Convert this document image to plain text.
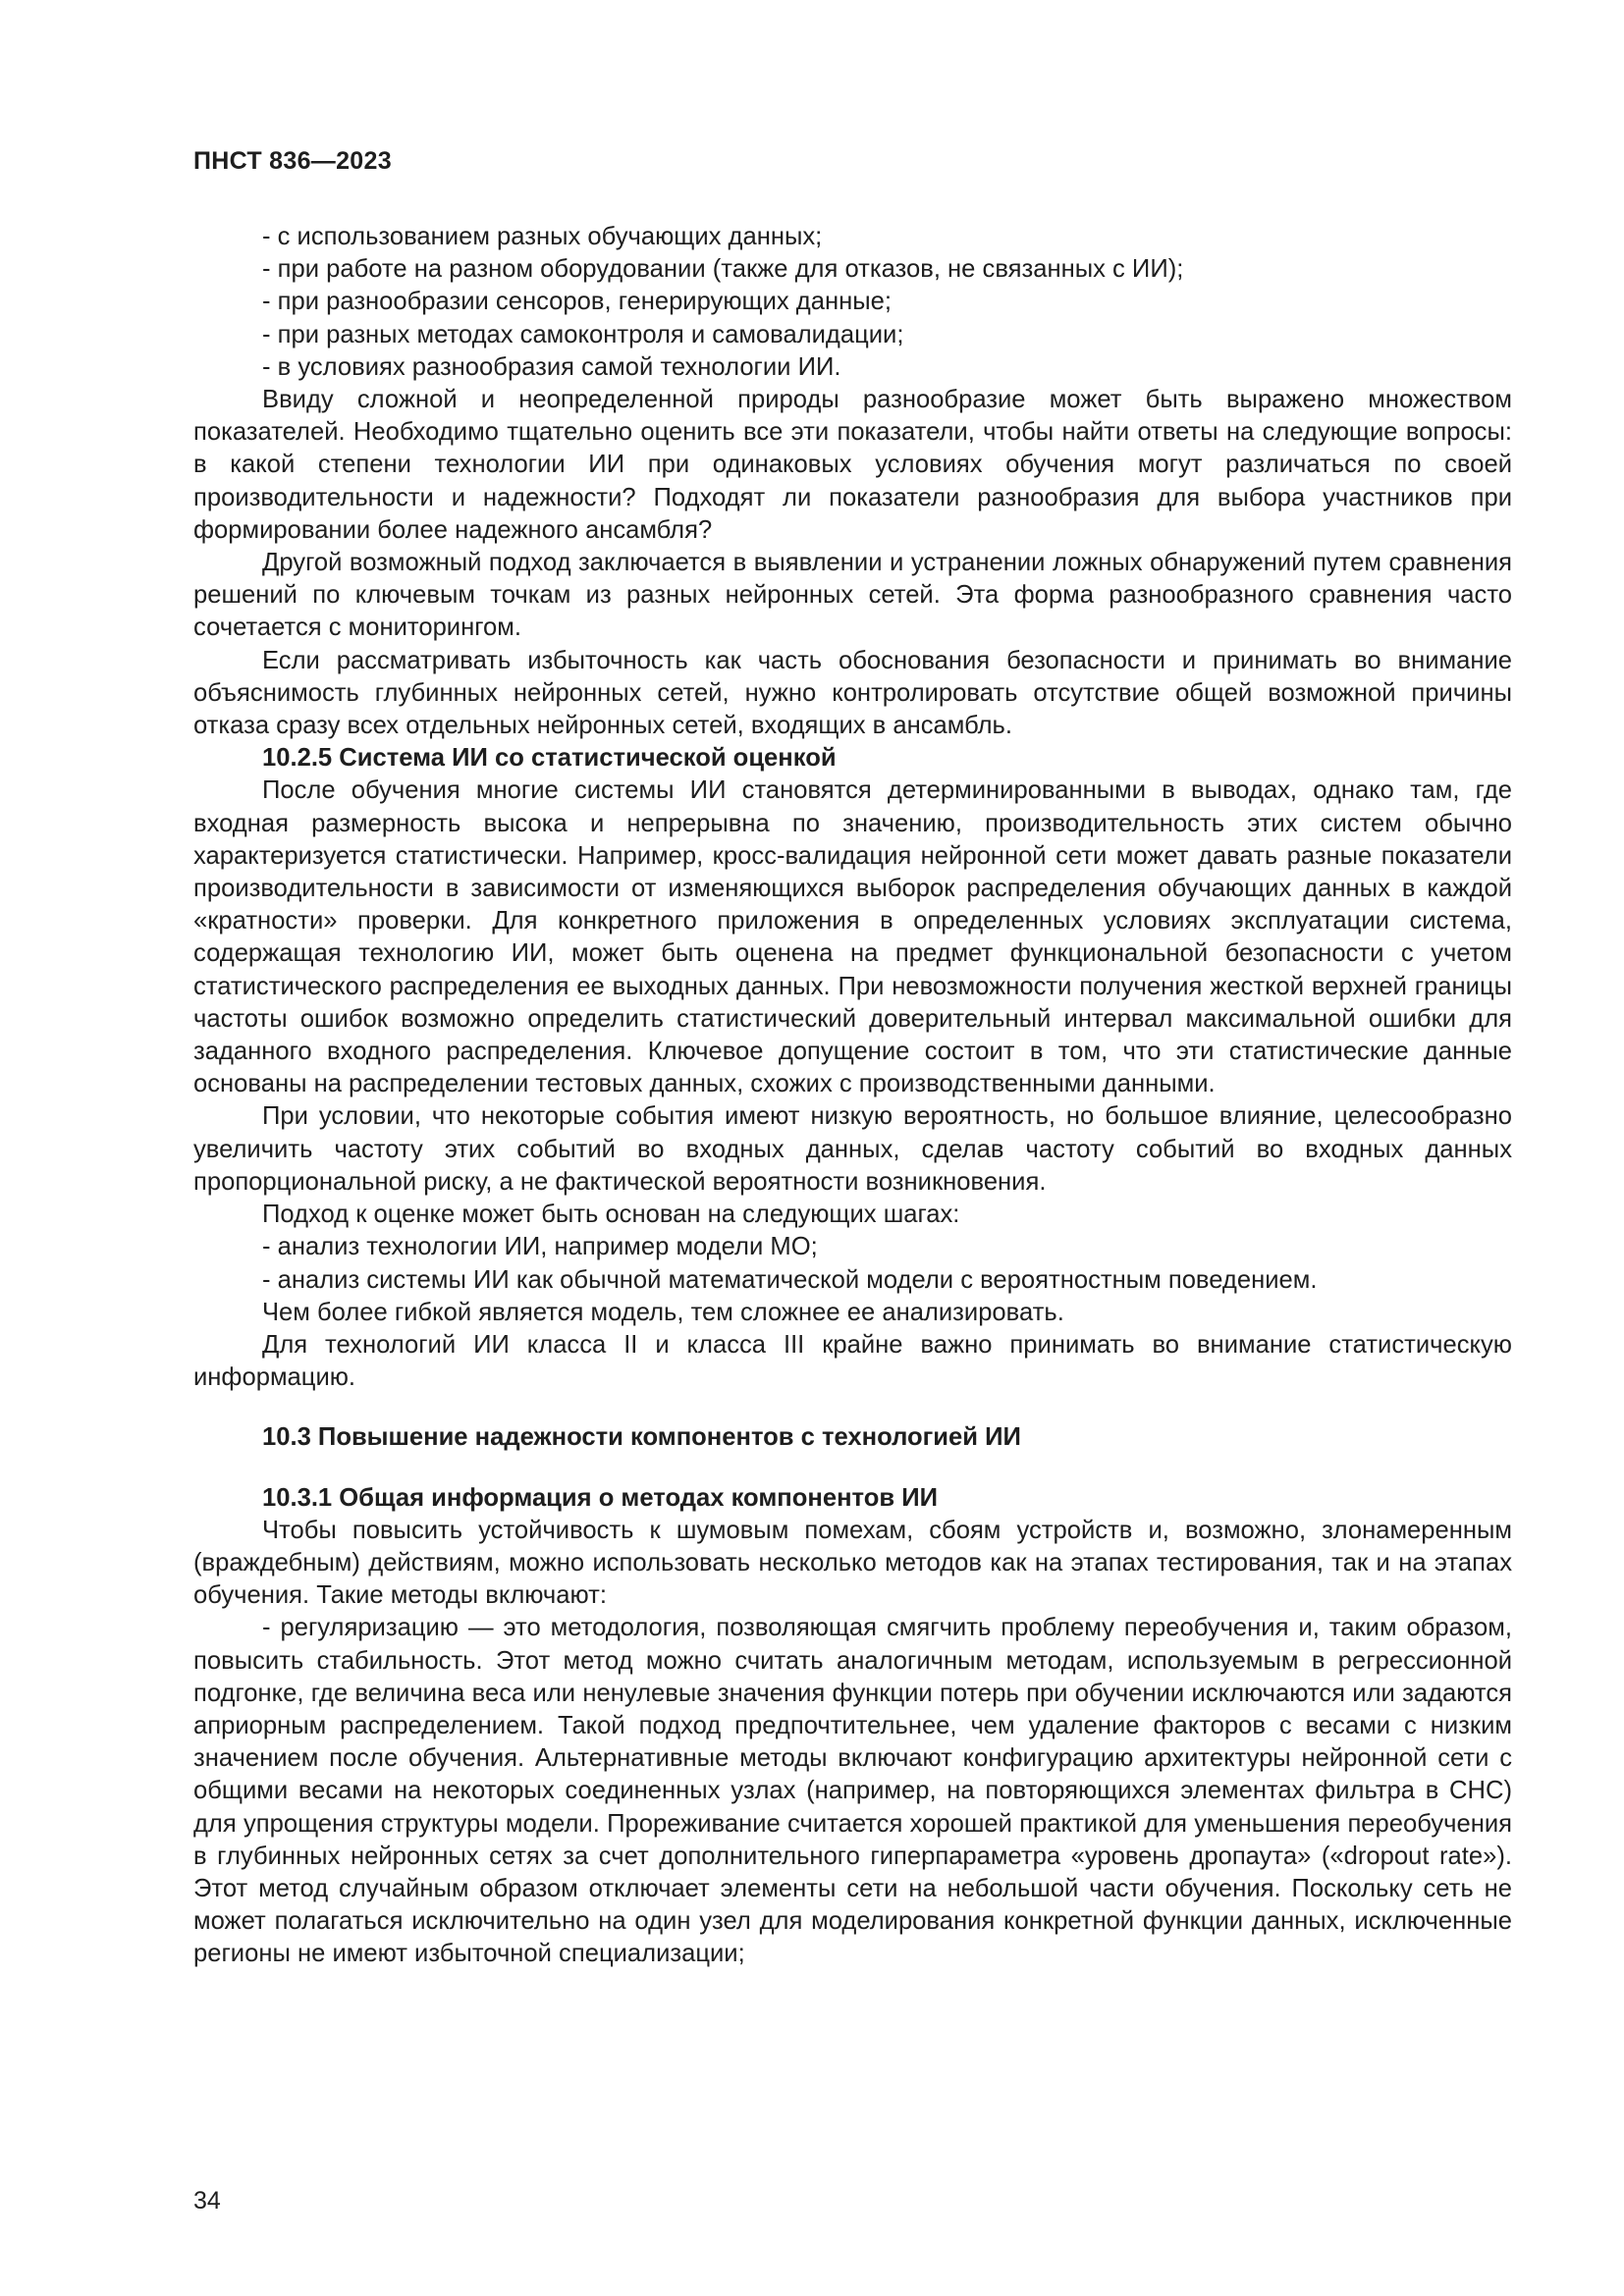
ПНСТ 836—2023

- с использованием разных обучающих данных;

- при работе на разном оборудовании (также для отказов, не связанных с ИИ);

- при разнообразии сенсоров, генерирующих данные;

- при разных методах самоконтроля и самовалидации;

- в условиях разнообразия самой технологии ИИ.

Ввиду сложной и неопределенной природы разнообразие может быть выражено множеством показателей. Необходимо тщательно оценить все эти показатели, чтобы найти ответы на следующие вопросы: в какой степени технологии ИИ при одинаковых условиях обучения могут различаться по своей производительности и надежности? Подходят ли показатели разнообразия для выбора участников при формировании более надежного ансамбля?

Другой возможный подход заключается в выявлении и устранении ложных обнаружений путем сравнения решений по ключевым точкам из разных нейронных сетей. Эта форма разнообразного сравнения часто сочетается с мониторингом.

Если рассматривать избыточность как часть обоснования безопасности и принимать во внимание объяснимость глубинных нейронных сетей, нужно контролировать отсутствие общей возможной причины отказа сразу всех отдельных нейронных сетей, входящих в ансамбль.

10.2.5 Система ИИ со статистической оценкой

После обучения многие системы ИИ становятся детерминированными в выводах, однако там, где входная размерность высока и непрерывна по значению, производительность этих систем обычно характеризуется статистически. Например, кросс-валидация нейронной сети может давать разные показатели производительности в зависимости от изменяющихся выборок распределения обучающих данных в каждой «кратности» проверки. Для конкретного приложения в определенных условиях эксплуатации система, содержащая технологию ИИ, может быть оценена на предмет функциональной безопасности с учетом статистического распределения ее выходных данных. При невозможности получения жесткой верхней границы частоты ошибок возможно определить статистический доверительный интервал максимальной ошибки для заданного входного распределения. Ключевое допущение состоит в том, что эти статистические данные основаны на распределении тестовых данных, схожих с производственными данными.

При условии, что некоторые события имеют низкую вероятность, но большое влияние, целесообразно увеличить частоту этих событий во входных данных, сделав частоту событий во входных данных пропорциональной риску, а не фактической вероятности возникновения.

Подход к оценке может быть основан на следующих шагах:

- анализ технологии ИИ, например модели МО;

- анализ системы ИИ как обычной математической модели с вероятностным поведением.

Чем более гибкой является модель, тем сложнее ее анализировать.

Для технологий ИИ класса II и класса III крайне важно принимать во внимание статистическую информацию.

10.3 Повышение надежности компонентов с технологией ИИ

10.3.1 Общая информация о методах компонентов ИИ

Чтобы повысить устойчивость к шумовым помехам, сбоям устройств и, возможно, злонамеренным (враждебным) действиям, можно использовать несколько методов как на этапах тестирования, так и на этапах обучения. Такие методы включают:

- регуляризацию — это методология, позволяющая смягчить проблему переобучения и, таким образом, повысить стабильность. Этот метод можно считать аналогичным методам, используемым в регрессионной подгонке, где величина веса или ненулевые значения функции потерь при обучении исключаются или задаются априорным распределением. Такой подход предпочтительнее, чем удаление факторов с весами с низким значением после обучения. Альтернативные методы включают конфигурацию архитектуры нейронной сети с общими весами на некоторых соединенных узлах (например, на повторяющихся элементах фильтра в СНС) для упрощения структуры модели. Прореживание считается хорошей практикой для уменьшения переобучения в глубинных нейронных сетях за счет дополнительного гиперпараметра «уровень дропаута» («dropout rate»). Этот метод случайным образом отключает элементы сети на небольшой части обучения. Поскольку сеть не может полагаться исключительно на один узел для моделирования конкретной функции данных, исключенные регионы не имеют избыточной специализации;

34
